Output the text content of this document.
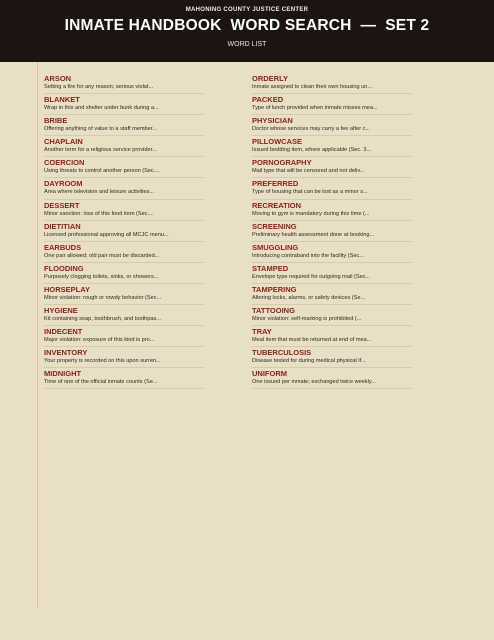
MAHONING COUNTY JUSTICE CENTER
INMATE HANDBOOK  WORD SEARCH  —  SET 2
WORD LIST
ARSON
Setting a fire for any reason; serious violat...
BLANKET
Wrap in this and shelter under bunk during a...
BRIBE
Offering anything of value to a staff member...
CHAPLAIN
Another term for a religious service provider...
COERCION
Using threats to control another person (Sec....
DAYROOM
Area where television and leisure activities...
DESSERT
Minor sanction: loss of this food item (Sec....
DIETITIAN
Licensed professional approving all MCJC menu...
EARBUDS
One pair allowed; old pair must be discarded...
FLOODING
Purposely clogging toilets, sinks, or showers...
HORSEPLAY
Minor violation: rough or rowdy behavior (Sec...
HYGIENE
Kit containing soap, toothbrush, and toothpas...
INDECENT
Major violation: exposure of this kind is pro...
INVENTORY
Your property is recorded on this upon surren...
MIDNIGHT
Time of one of the official inmate counts (Se...
ORDERLY
Inmate assigned to clean their own housing un...
PACKED
Type of lunch provided when inmate misses mea...
PHYSICIAN
Doctor whose services may carry a fee after c...
PILLOWCASE
Issued bedding item, where applicable (Sec. 3...
PORNOGRAPHY
Mail type that will be censored and not deliv...
PREFERRED
Type of housing that can be lost as a minor s...
RECREATION
Moving to gym is mandatory during this time (...
SCREENING
Preliminary health assessment done at booking...
SMUGGLING
Introducing contraband into the facility (Sec...
STAMPED
Envelope type required for outgoing mail (Sec...
TAMPERING
Altering locks, alarms, or safety devices (Se...
TATTOOING
Minor violation: self-marking is prohibited (...
TRAY
Meal item that must be returned at end of mea...
TUBERCULOSIS
Disease tested for during medical physical if...
UNIFORM
One issued per inmate; exchanged twice weekly...
